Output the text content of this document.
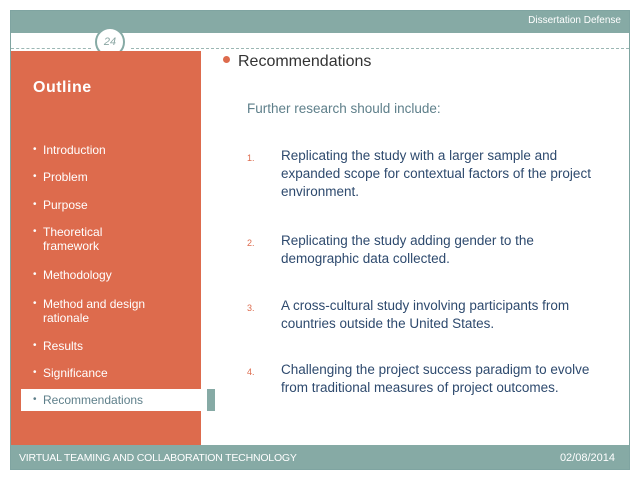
Dissertation Defense
24
Outline
• Introduction
• Problem
• Purpose
• Theoretical framework
• Methodology
• Method and design rationale
• Results
• Significance
• Recommendations
Recommendations
Further research should include:
1.	Replicating the study with a larger sample and expanded scope for contextual factors of the project environment.
2.	Replicating the study adding gender to the demographic data collected.
3.	A cross-cultural study involving participants from countries outside the United States.
4.	Challenging the project success paradigm to evolve from traditional measures of project outcomes.
VIRTUAL TEAMING AND COLLABORATION TECHNOLOGY	02/08/2014
